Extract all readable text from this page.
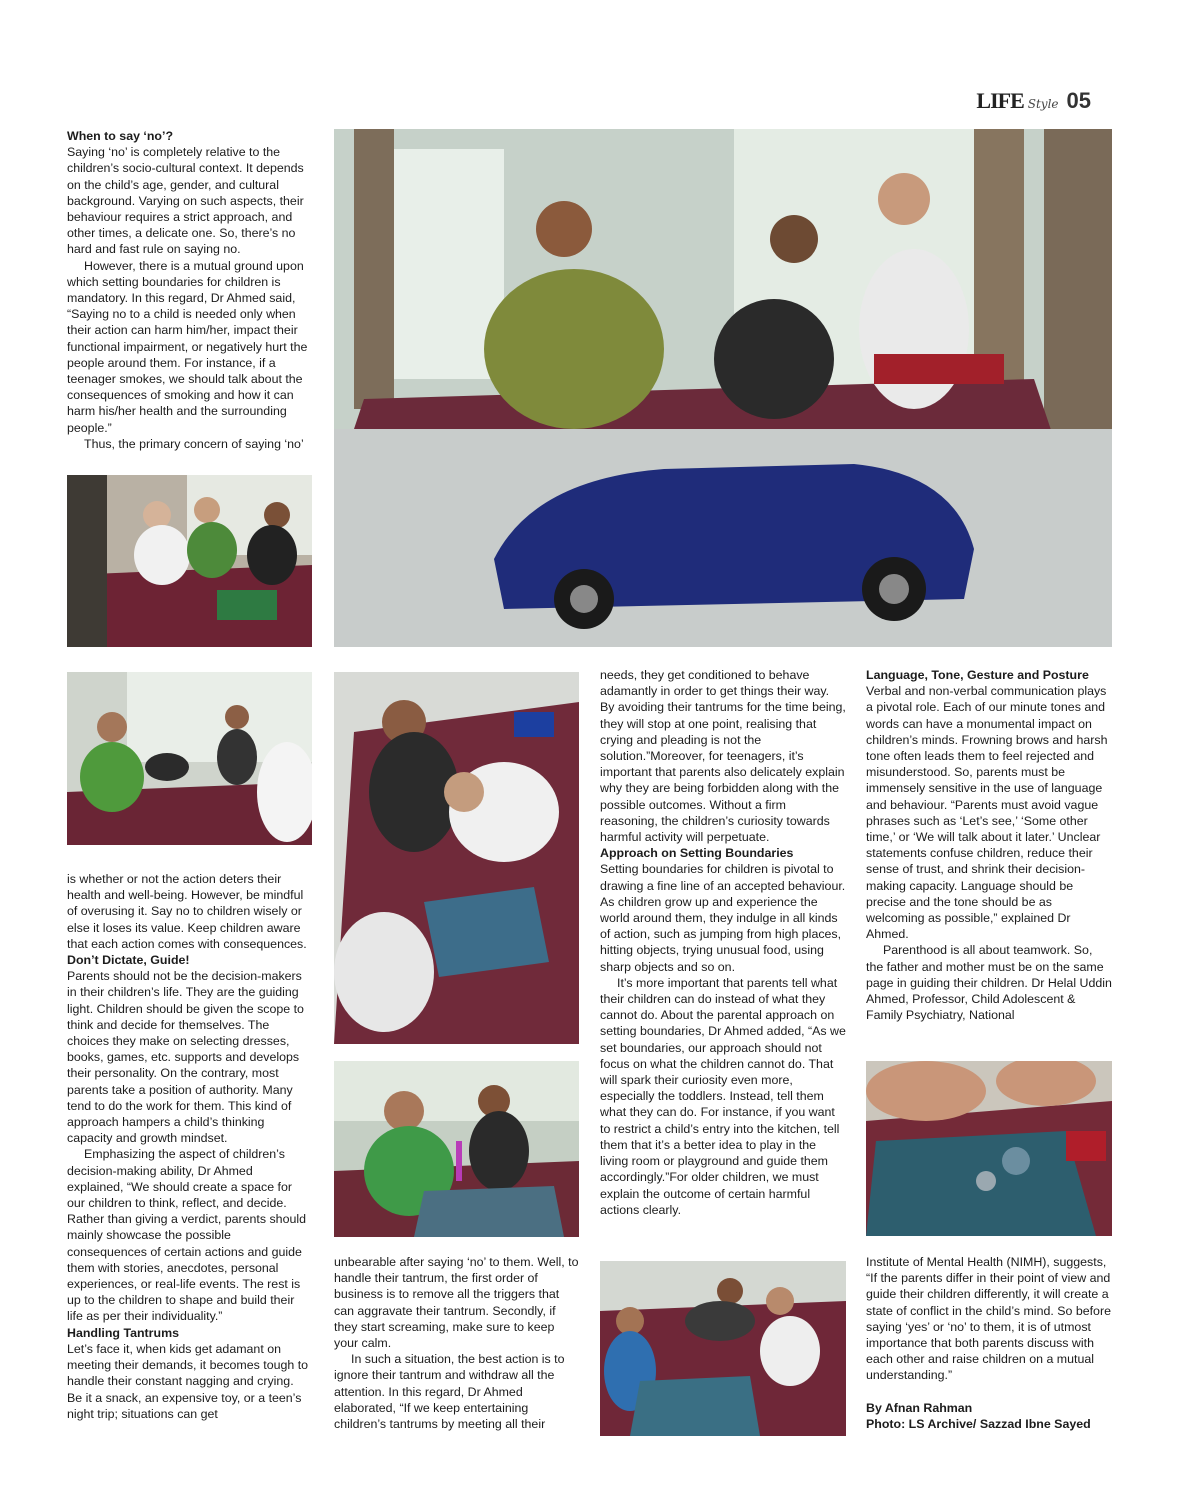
LIFE Style 05
When to say ‘no’?

Saying ‘no’ is completely relative to the children’s socio-cultural context. It depends on the child’s age, gender, and cultural background. Varying on such aspects, their behaviour requires a strict approach, and other times, a delicate one. So, there’s no hard and fast rule on saying no.

However, there is a mutual ground upon which setting boundaries for children is mandatory. In this regard, Dr Ahmed said, “Saying no to a child is needed only when their action can harm him/her, impact their functional impairment, or negatively hurt the people around them. For instance, if a teenager smokes, we should talk about the consequences of smoking and how it can harm his/her health and the surrounding people.”

Thus, the primary concern of saying ‘no’

is whether or not the action deters their health and well-being. However, be mindful of overusing it. Say no to children wisely or else it loses its value. Keep children aware that each action comes with consequences.

Don’t Dictate, Guide!

Parents should not be the decision-makers in their children’s life. They are the guiding light. Children should be given the scope to think and decide for themselves. The choices they make on selecting dresses, books, games, etc. supports and develops their personality. On the contrary, most parents take a position of authority. Many tend to do the work for them. This kind of approach hampers a child’s thinking capacity and growth mindset.

Emphasizing the aspect of children’s decision-making ability, Dr Ahmed explained, “We should create a space for our children to think, reflect, and decide. Rather than giving a verdict, parents should mainly showcase the possible consequences of certain actions and guide them with stories, anecdotes, personal experiences, or real-life events. The rest is up to the children to shape and build their life as per their individuality.”

Handling Tantrums

Let’s face it, when kids get adamant on meeting their demands, it becomes tough to handle their constant nagging and crying. Be it a snack, an expensive toy, or a teen’s night trip; situations can get

unbearable after saying ‘no’ to them. Well, to handle their tantrum, the first order of business is to remove all the triggers that can aggravate their tantrum. Secondly, if they start screaming, make sure to keep your calm.

In such a situation, the best action is to ignore their tantrum and withdraw all the attention. In this regard, Dr Ahmed elaborated, “If we keep entertaining children’s tantrums by meeting all their

needs, they get conditioned to behave adamantly in order to get things their way. By avoiding their tantrums for the time being, they will stop at one point, realising that crying and pleading is not the solution.”Moreover, for teenagers, it’s important that parents also delicately explain why they are being forbidden along with the possible outcomes. Without a firm reasoning, the children’s curiosity towards harmful activity will perpetuate.

Approach on Setting Boundaries

Setting boundaries for children is pivotal to drawing a fine line of an accepted behaviour. As children grow up and experience the world around them, they indulge in all kinds of action, such as jumping from high places, hitting objects, trying unusual food, using sharp objects and so on.

It’s more important that parents tell what their children can do instead of what they cannot do. About the parental approach on setting boundaries, Dr Ahmed added, “As we set boundaries, our approach should not focus on what the children cannot do. That will spark their curiosity even more, especially the toddlers. Instead, tell them what they can do. For instance, if you want to restrict a child’s entry into the kitchen, tell them that it’s a better idea to play in the living room or playground and guide them accordingly.”For older children, we must explain the outcome of certain harmful actions clearly.

Language, Tone, Gesture and Posture

Verbal and non-verbal communication plays a pivotal role. Each of our minute tones and words can have a monumental impact on children’s minds. Frowning brows and harsh tone often leads them to feel rejected and misunderstood. So, parents must be immensely sensitive in the use of language and behaviour. “Parents must avoid vague phrases such as ‘Let’s see,’ ‘Some other time,’ or ‘We will talk about it later.’ Unclear statements confuse children, reduce their sense of trust, and shrink their decision-making capacity. Language should be precise and the tone should be as welcoming as possible,” explained Dr Ahmed.

Parenthood is all about teamwork. So, the father and mother must be on the same page in guiding their children. Dr Helal Uddin Ahmed, Professor, Child Adolescent & Family Psychiatry, National

Institute of Mental Health (NIMH), suggests, “If the parents differ in their point of view and guide their children differently, it will create a state of conflict in the child’s mind. So before saying ‘yes’ or ‘no’ to them, it is of utmost importance that both parents discuss with each other and raise children on a mutual understanding.”

By Afnan Rahman

Photo: LS Archive/ Sazzad Ibne Sayed
